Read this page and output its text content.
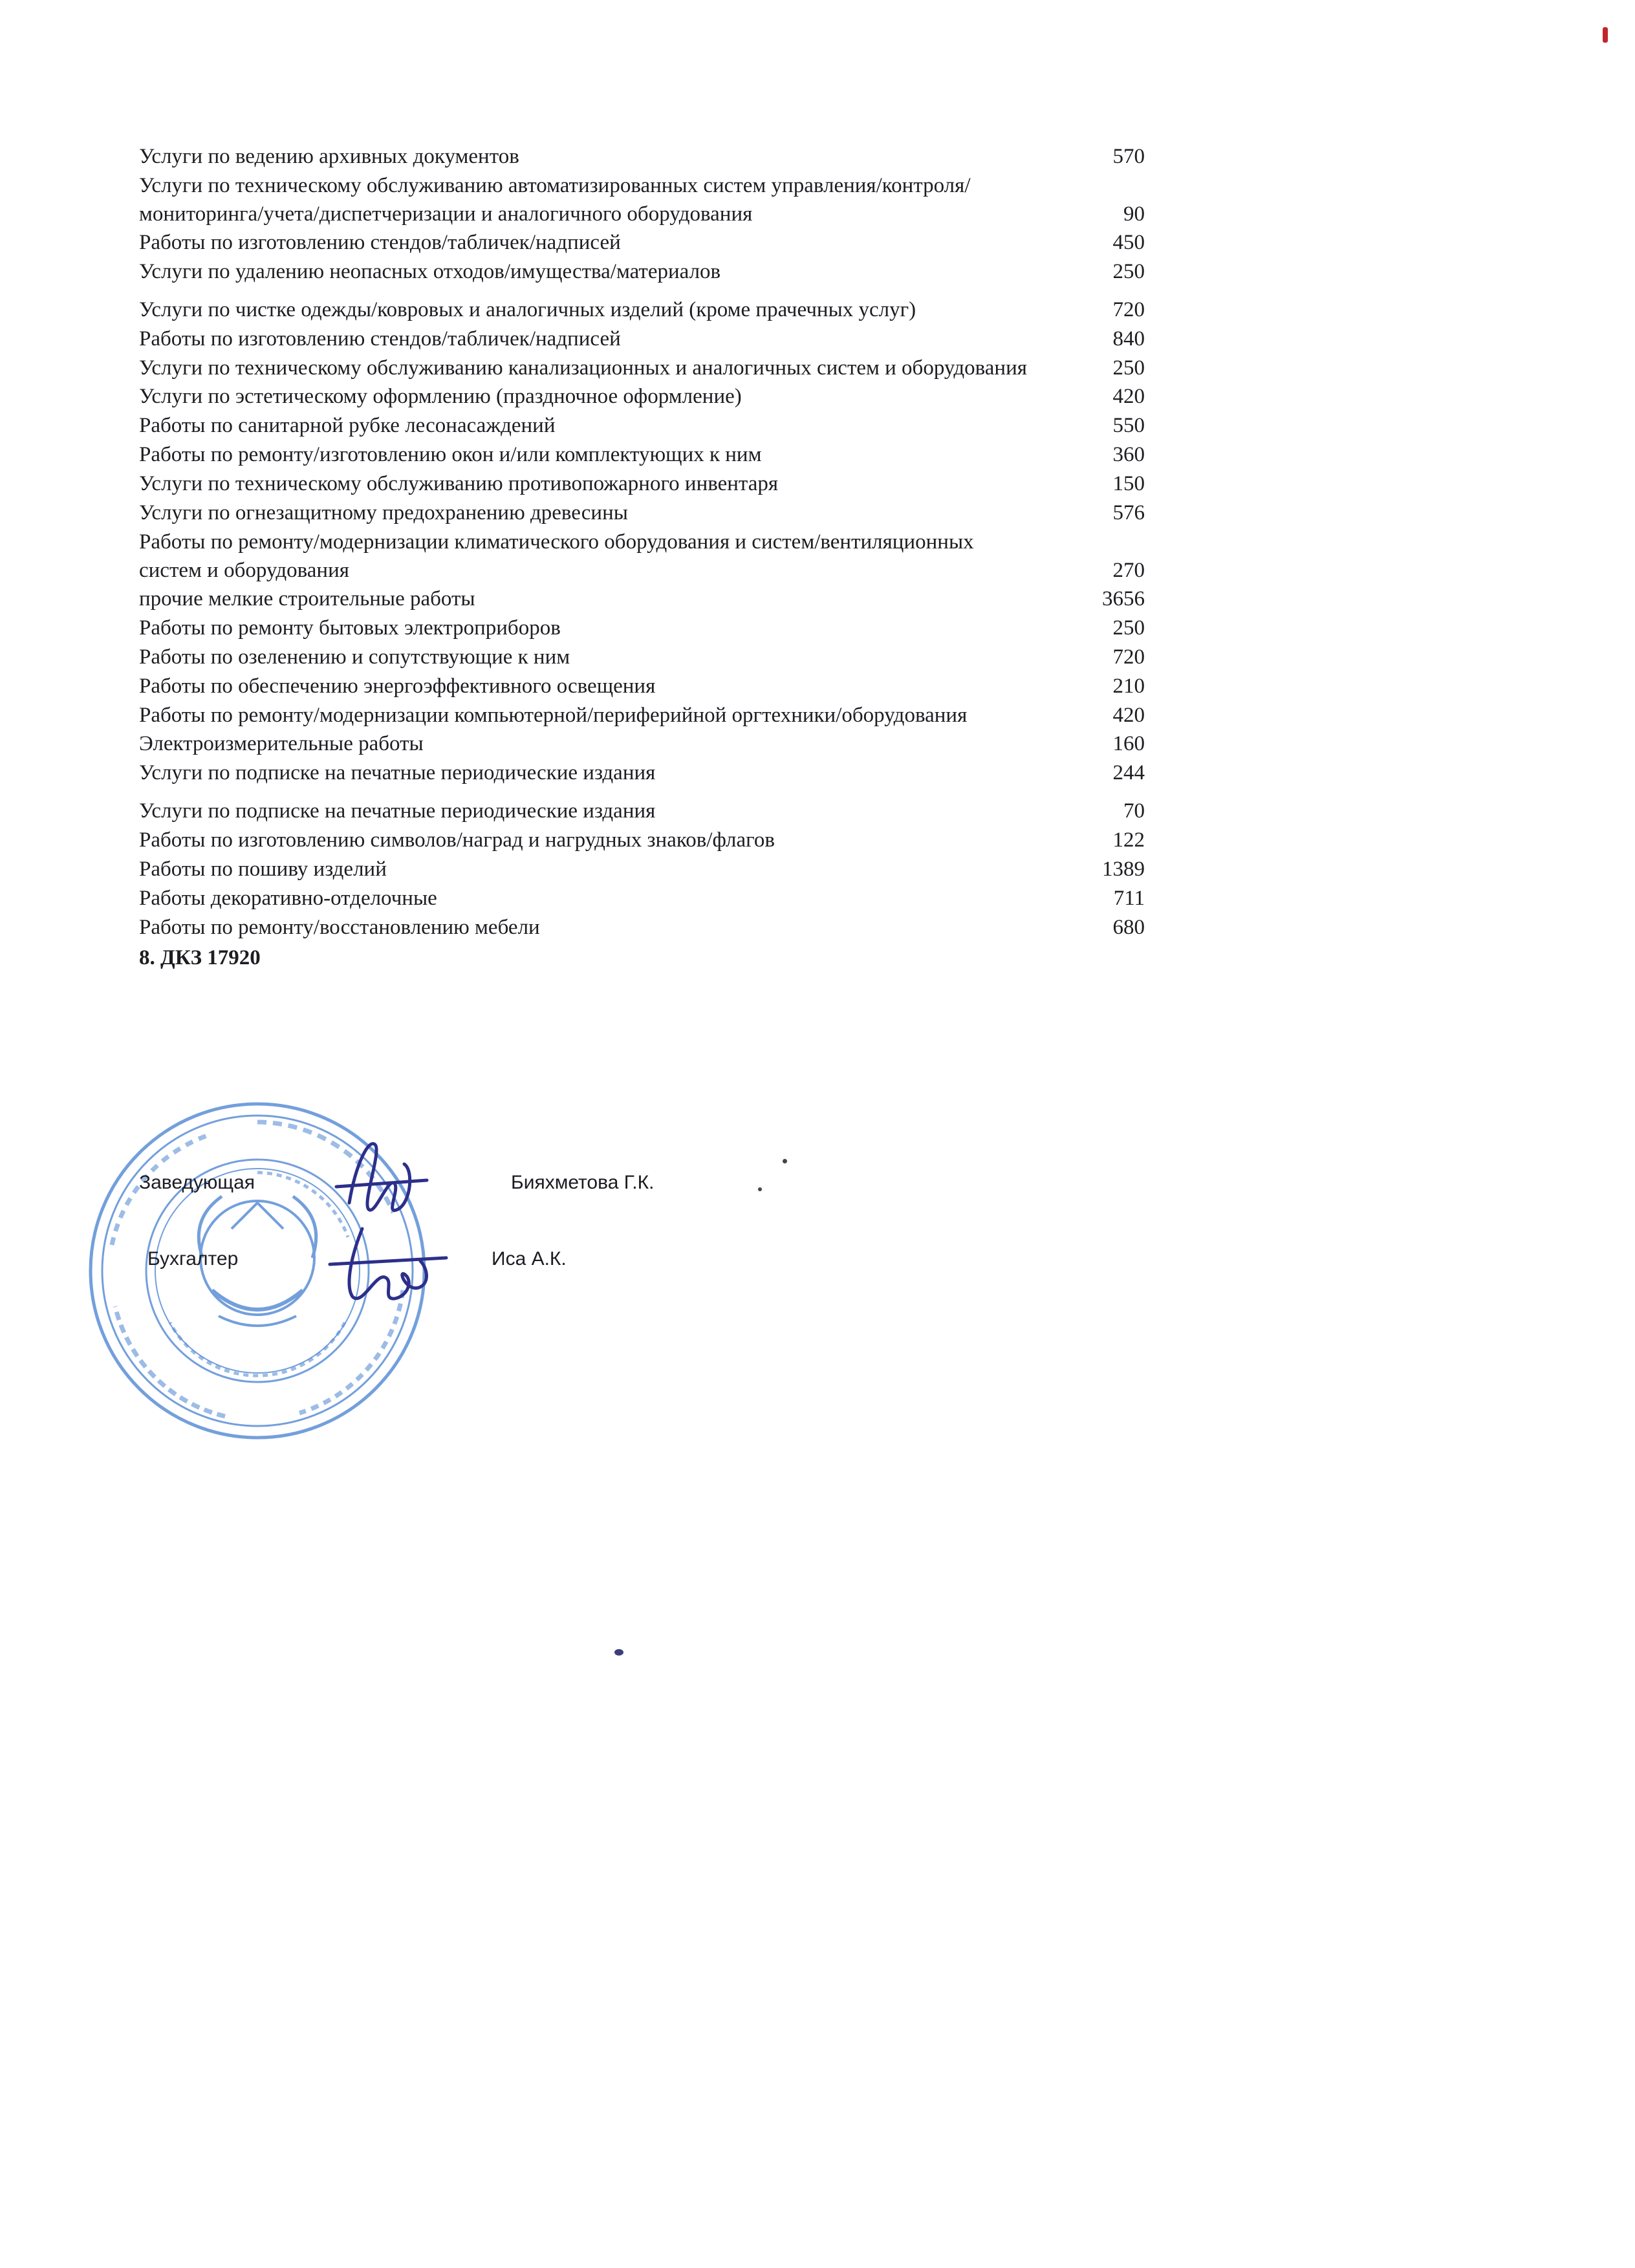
Услуги по ведению архивных документов	570
Услуги по техническому обслуживанию автоматизированных систем управления/контроля/мониторинга/учета/диспетчеризации и аналогичного оборудования	90
Работы по изготовлению стендов/табличек/надписей	450
Услуги по удалению неопасных отходов/имущества/материалов	250
Услуги по чистке одежды/ковровых и аналогичных изделий (кроме прачечных услуг)	720
Работы по изготовлению стендов/табличек/надписей	840
Услуги по техническому обслуживанию канализационных и аналогичных систем и оборудования	250
Услуги по эстетическому оформлению (праздночное оформление)	420
Работы по санитарной рубке лесонасаждений	550
Работы по ремонту/изготовлению окон и/или комплектующих к ним	360
Услуги по техническому обслуживанию противопожарного инвентаря	150
Услуги по огнезащитному предохранению древесины	576
Работы по ремонту/модернизации климатического оборудования и систем/вентиляционных систем и оборудования	270
прочие мелкие строительные работы	3656
Работы по ремонту бытовых электроприборов	250
Работы по озеленению и сопутствующие к ним	720
Работы по обеспечению энергоэффективного освещения	210
Работы по ремонту/модернизации компьютерной/периферийной оргтехники/оборудования	420
Электроизмерительные работы	160
Услуги по подписке на печатные периодические издания	244
Услуги по подписке на печатные периодические издания	70
Работы по изготовлению символов/наград и нагрудных знаков/флагов	122
Работы по пошиву изделий	1389
Работы декоративно-отделочные	711
Работы по ремонту/восстановлению мебели	680
8. ДКЗ 17920
Заведующая	Бияхметова Г.К.
Бухгалтер	Иса А.К.
